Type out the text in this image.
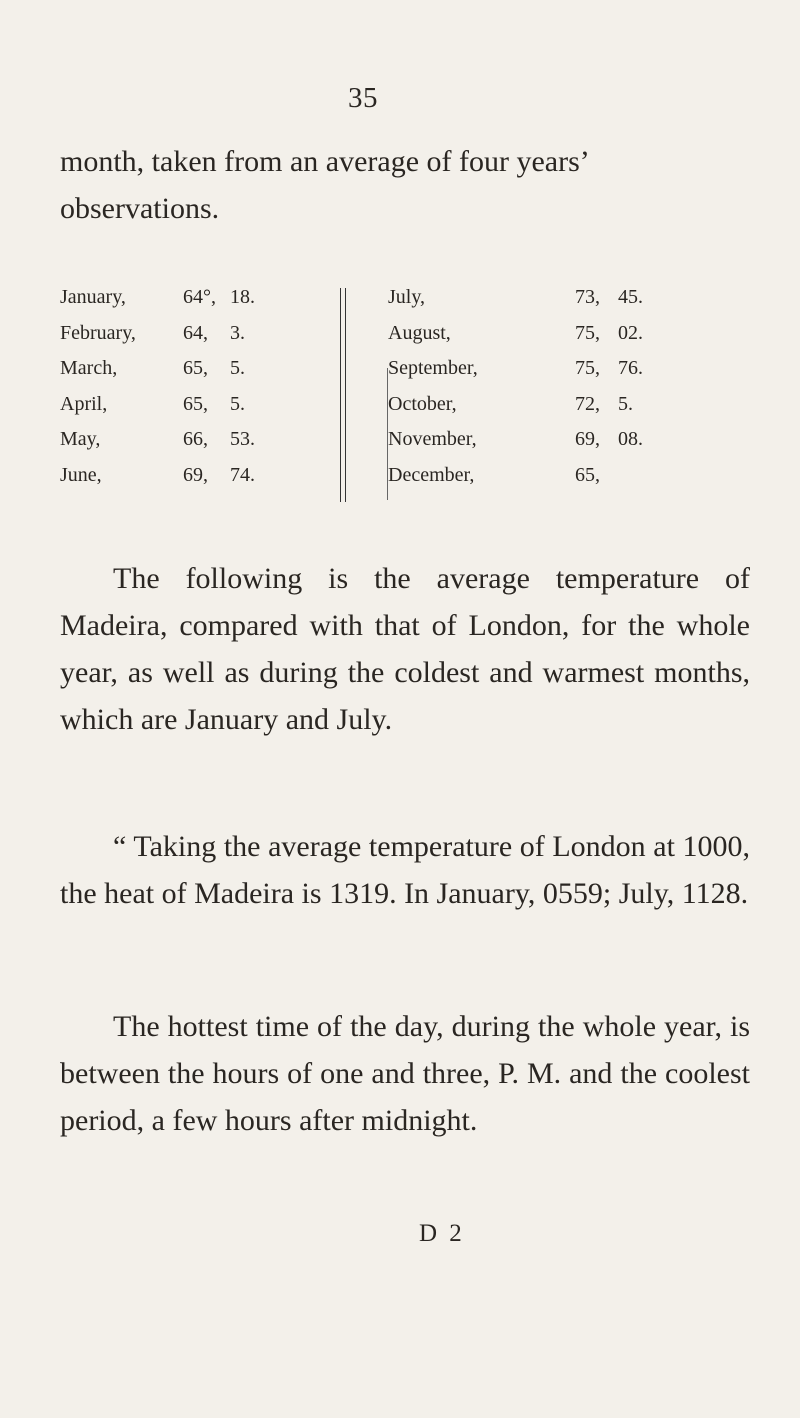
35
month, taken from an average of four years’ observations.
January,	64°, 18.
February, 64, 3.
March,	65, 5.
April,	65, 5.
May,	66, 53.
June,	69, 74.
July,	73, 45.
August,	75, 02.
September,	75, 76.
October,	72, 5.
November,	69, 08.
December,	65,
The following is the average temperature of Madeira, compared with that of London, for the whole year, as well as during the coldest and warmest months, which are January and July.
“ Taking the average temperature of London at 1000, the heat of Madeira is 1319. In January, 0559; July, 1128.
The hottest time of the day, during the whole year, is between the hours of one and three, P. M. and the coolest period, a few hours after midnight.
D 2
